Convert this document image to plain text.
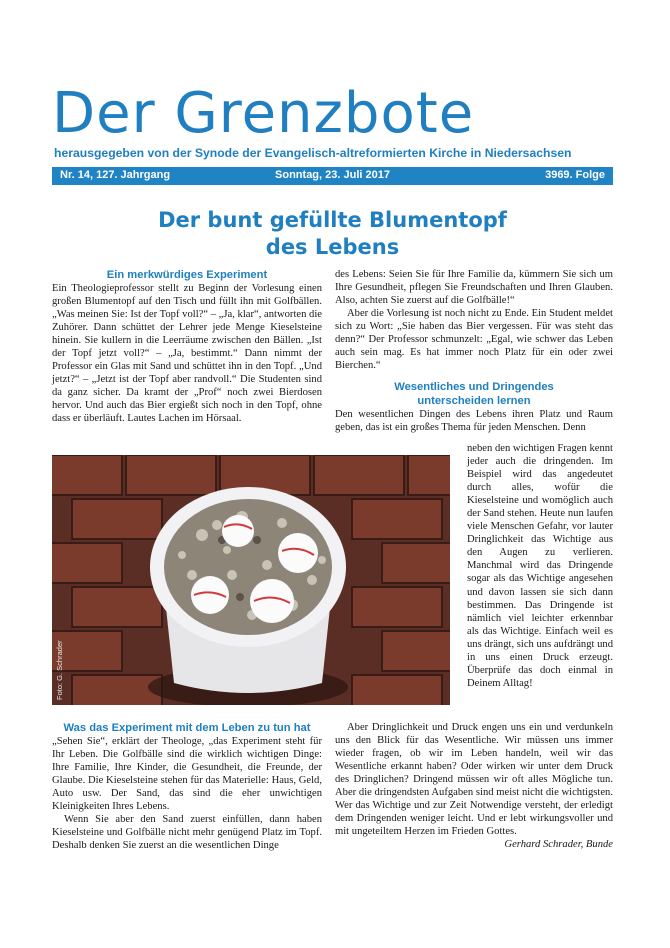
Der Grenzbote
herausgegeben von der Synode der Evangelisch-altreformierten Kirche in Niedersachsen
Nr. 14, 127. Jahrgang	Sonntag, 23. Juli 2017	3969. Folge
Der bunt gefüllte Blumentopf
des Lebens
Ein merkwürdiges Experiment

Ein Theologieprofessor stellt zu Beginn der Vorlesung einen großen Blumentopf auf den Tisch und füllt ihn mit Golfbällen. „Was meinen Sie: Ist der Topf voll?“ – „Ja, klar“, antworten die Zuhörer. Dann schüttet der Lehrer jede Menge Kieselsteine hinein. Sie kullern in die Leerräume zwischen den Bällen. „Ist der Topf jetzt voll?“ – „Ja, bestimmt.“ Dann nimmt der Professor ein Glas mit Sand und schüttet ihn in den Topf. „Und jetzt?“ – „Jetzt ist der Topf aber randvoll.“ Die Studenten sind da ganz sicher. Da kramt der „Prof“ noch zwei Bierdosen hervor. Und auch das Bier ergießt sich noch in den Topf, ohne dass er überläuft. Lautes Lachen im Hörsaal.

Foto: G. Schrader
Was das Experiment mit dem Leben zu tun hat

„Sehen Sie“, erklärt der Theologe, „das Experiment steht für Ihr Leben. Die Golfbälle sind die wirklich wichtigen Dinge: Ihre Familie, Ihre Kinder, die Gesundheit, die Freunde, der Glaube. Die Kieselsteine stehen für das Materielle: Haus, Geld, Auto usw. Der Sand, das sind die eher unwichtigen Kleinigkeiten Ihres Lebens.

Wenn Sie aber den Sand zuerst einfüllen, dann haben Kieselsteine und Golfbälle nicht mehr genügend Platz im Topf. Deshalb denken Sie zuerst an die wesentlichen Dinge

des Lebens: Seien Sie für Ihre Familie da, kümmern Sie sich um Ihre Gesundheit, pflegen Sie Freundschaften und Ihren Glauben. Also, achten Sie zuerst auf die Golfbälle!“

Aber die Vorlesung ist noch nicht zu Ende. Ein Student meldet sich zu Wort: „Sie haben das Bier vergessen. Für was steht das denn?“ Der Professor schmunzelt: „Egal, wie schwer das Leben auch sein mag. Es hat immer noch Platz für ein oder zwei Bierchen.“

Wesentliches und Dringendes
unterscheiden lernen

Den wesentlichen Dingen des Lebens ihren Platz und Raum geben, das ist ein großes Thema für jeden Menschen. Denn

neben den wichtigen Fragen kennt jeder auch die dringenden. Im Beispiel wird das angedeutet durch alles, wofür die Kieselsteine und womöglich auch der Sand stehen. Heute nun laufen viele Menschen Gefahr, vor lauter Dringlichkeit das Wichtige aus den Augen zu verlieren. Manchmal wird das Dringende sogar als das Wichtige angesehen und davon lassen sie sich dann bestimmen. Das Dringende ist nämlich viel leichter erkennbar als das Wichtige. Einfach weil es uns drängt, sich uns aufdrängt und in uns einen Druck erzeugt. Überprüfe das doch einmal in Deinem Alltag!

Aber Dringlichkeit und Druck engen uns ein und verdunkeln uns den Blick für das Wesentliche. Wir müssen uns immer wieder fragen, ob wir im Leben handeln, weil wir das Wesentliche erkannt haben? Oder wirken wir unter dem Druck des Dringlichen? Dringend müssen wir oft alles Mögliche tun. Aber die dringendsten Aufgaben sind meist nicht die wichtigsten. Wer das Wichtige und zur Zeit Notwendige versteht, der erledigt dem Dringenden weniger leicht. Und er lebt wirkungsvoller und mit ungeteiltem Herzen im Frieden Gottes.
Gerhard Schrader, Bunde
